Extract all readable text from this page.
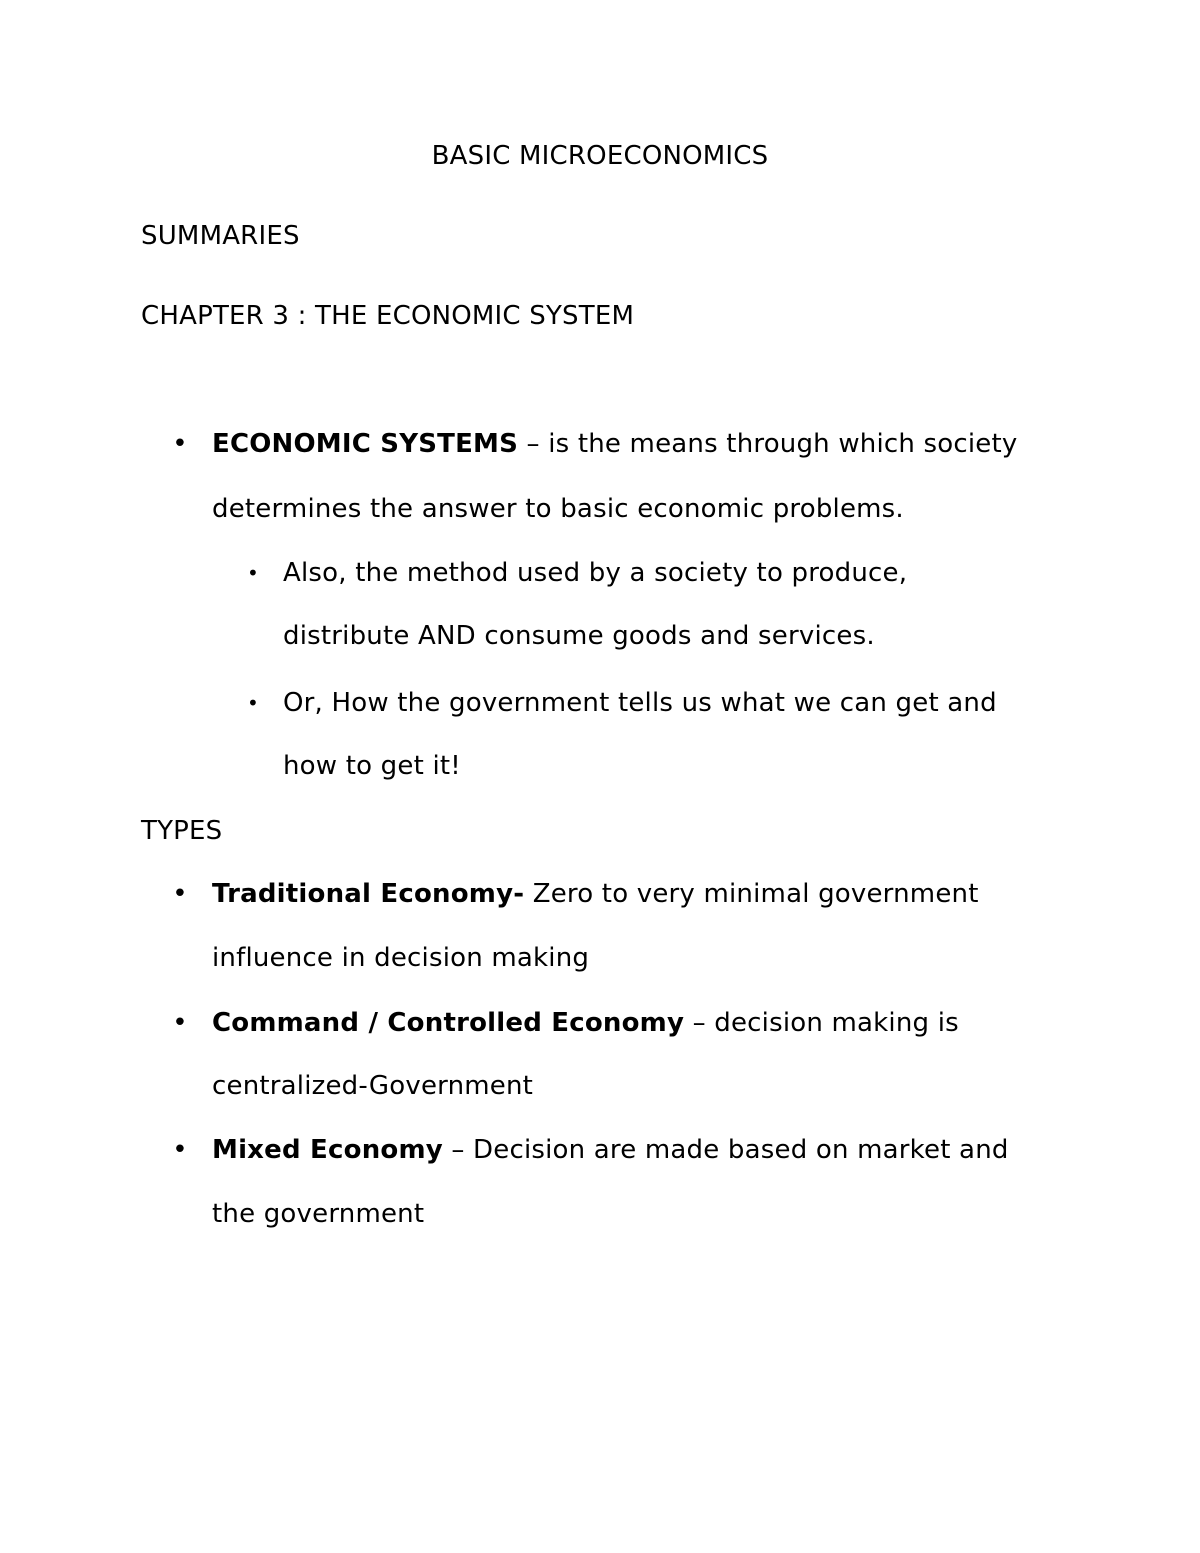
BASIC MICROECONOMICS
SUMMARIES
CHAPTER 3 : THE ECONOMIC SYSTEM
• ECONOMIC SYSTEMS – is the means through which society
determines the answer to basic economic problems.
• Also, the method used by a society to produce,
distribute AND consume goods and services.
• Or, How the government tells us what we can get and
how to get it!
TYPES
• Traditional Economy- Zero to very minimal government
influence in decision making
• Command / Controlled Economy – decision making is
centralized-Government
• Mixed Economy – Decision are made based on market and
the government
